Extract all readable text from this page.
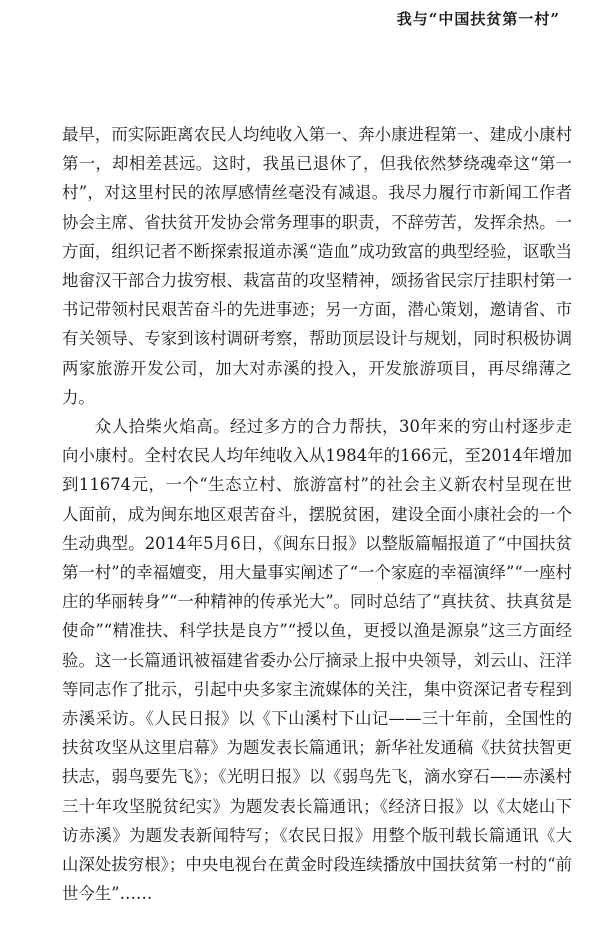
我与“中国扶贫第一村”

最早，而实际距离农民人均纯收入第一、奔小康进程第一、建成小康村第一，却相差甚远。这时，我虽已退休了，但我依然梦绕魂牵这“第一村”，对这里村民的浓厚感情丝毫没有减退。我尽力履行市新闻工作者协会主席、省扶贫开发协会常务理事的职责，不辞劳苦，发挥余热。一方面，组织记者不断探索报道赤溪“造血”成功致富的典型经验，讴歌当地畲汉干部合力拔穷根、栽富苗的攻坚精神，颂扬省民宗厅挂职村第一书记带领村民艰苦奋斗的先进事迹；另一方面，潜心策划，邀请省、市有关领导、专家到该村调研考察，帮助顶层设计与规划，同时积极协调两家旅游开发公司，加大对赤溪的投入，开发旅游项目，再尽绵薄之力。

众人拾柴火焰高。经过多方的合力帮扶，30年来的穷山村逐步走向小康村。全村农民人均年纯收入从1984年的166元，至2014年增加到11674元，一个“生态立村、旅游富村”的社会主义新农村呈现在世人面前，成为闽东地区艰苦奋斗，摆脱贫困，建设全面小康社会的一个生动典型。2014年5月6日，《闽东日报》以整版篇幅报道了“中国扶贫第一村”的幸福嬗变，用大量事实阐述了“一个家庭的幸福演绎”“一座村庄的华丽转身”“一种精神的传承光大”。同时总结了“真扶贫、扶真贫是使命”“精准扶、科学扶是良方”“授以鱼，更授以渔是源泉”这三方面经验。这一长篇通讯被福建省委办公厅摘录上报中央领导，刘云山、汪洋等同志作了批示，引起中央多家主流媒体的关注，集中资深记者专程到赤溪采访。《人民日报》以《下山溪村下山记——三十年前，全国性的扶贫攻坚从这里启幕》为题发表长篇通讯；新华社发通稿《扶贫扶智更扶志，弱鸟要先飞》；《光明日报》以《弱鸟先飞，滴水穿石——赤溪村三十年攻坚脱贫纪实》为题发表长篇通讯；《经济日报》以《太姥山下访赤溪》为题发表新闻特写；《农民日报》用整个版刊载长篇通讯《大山深处拔穷根》；中央电视台在黄金时段连续播放中国扶贫第一村的“前世今生”……
